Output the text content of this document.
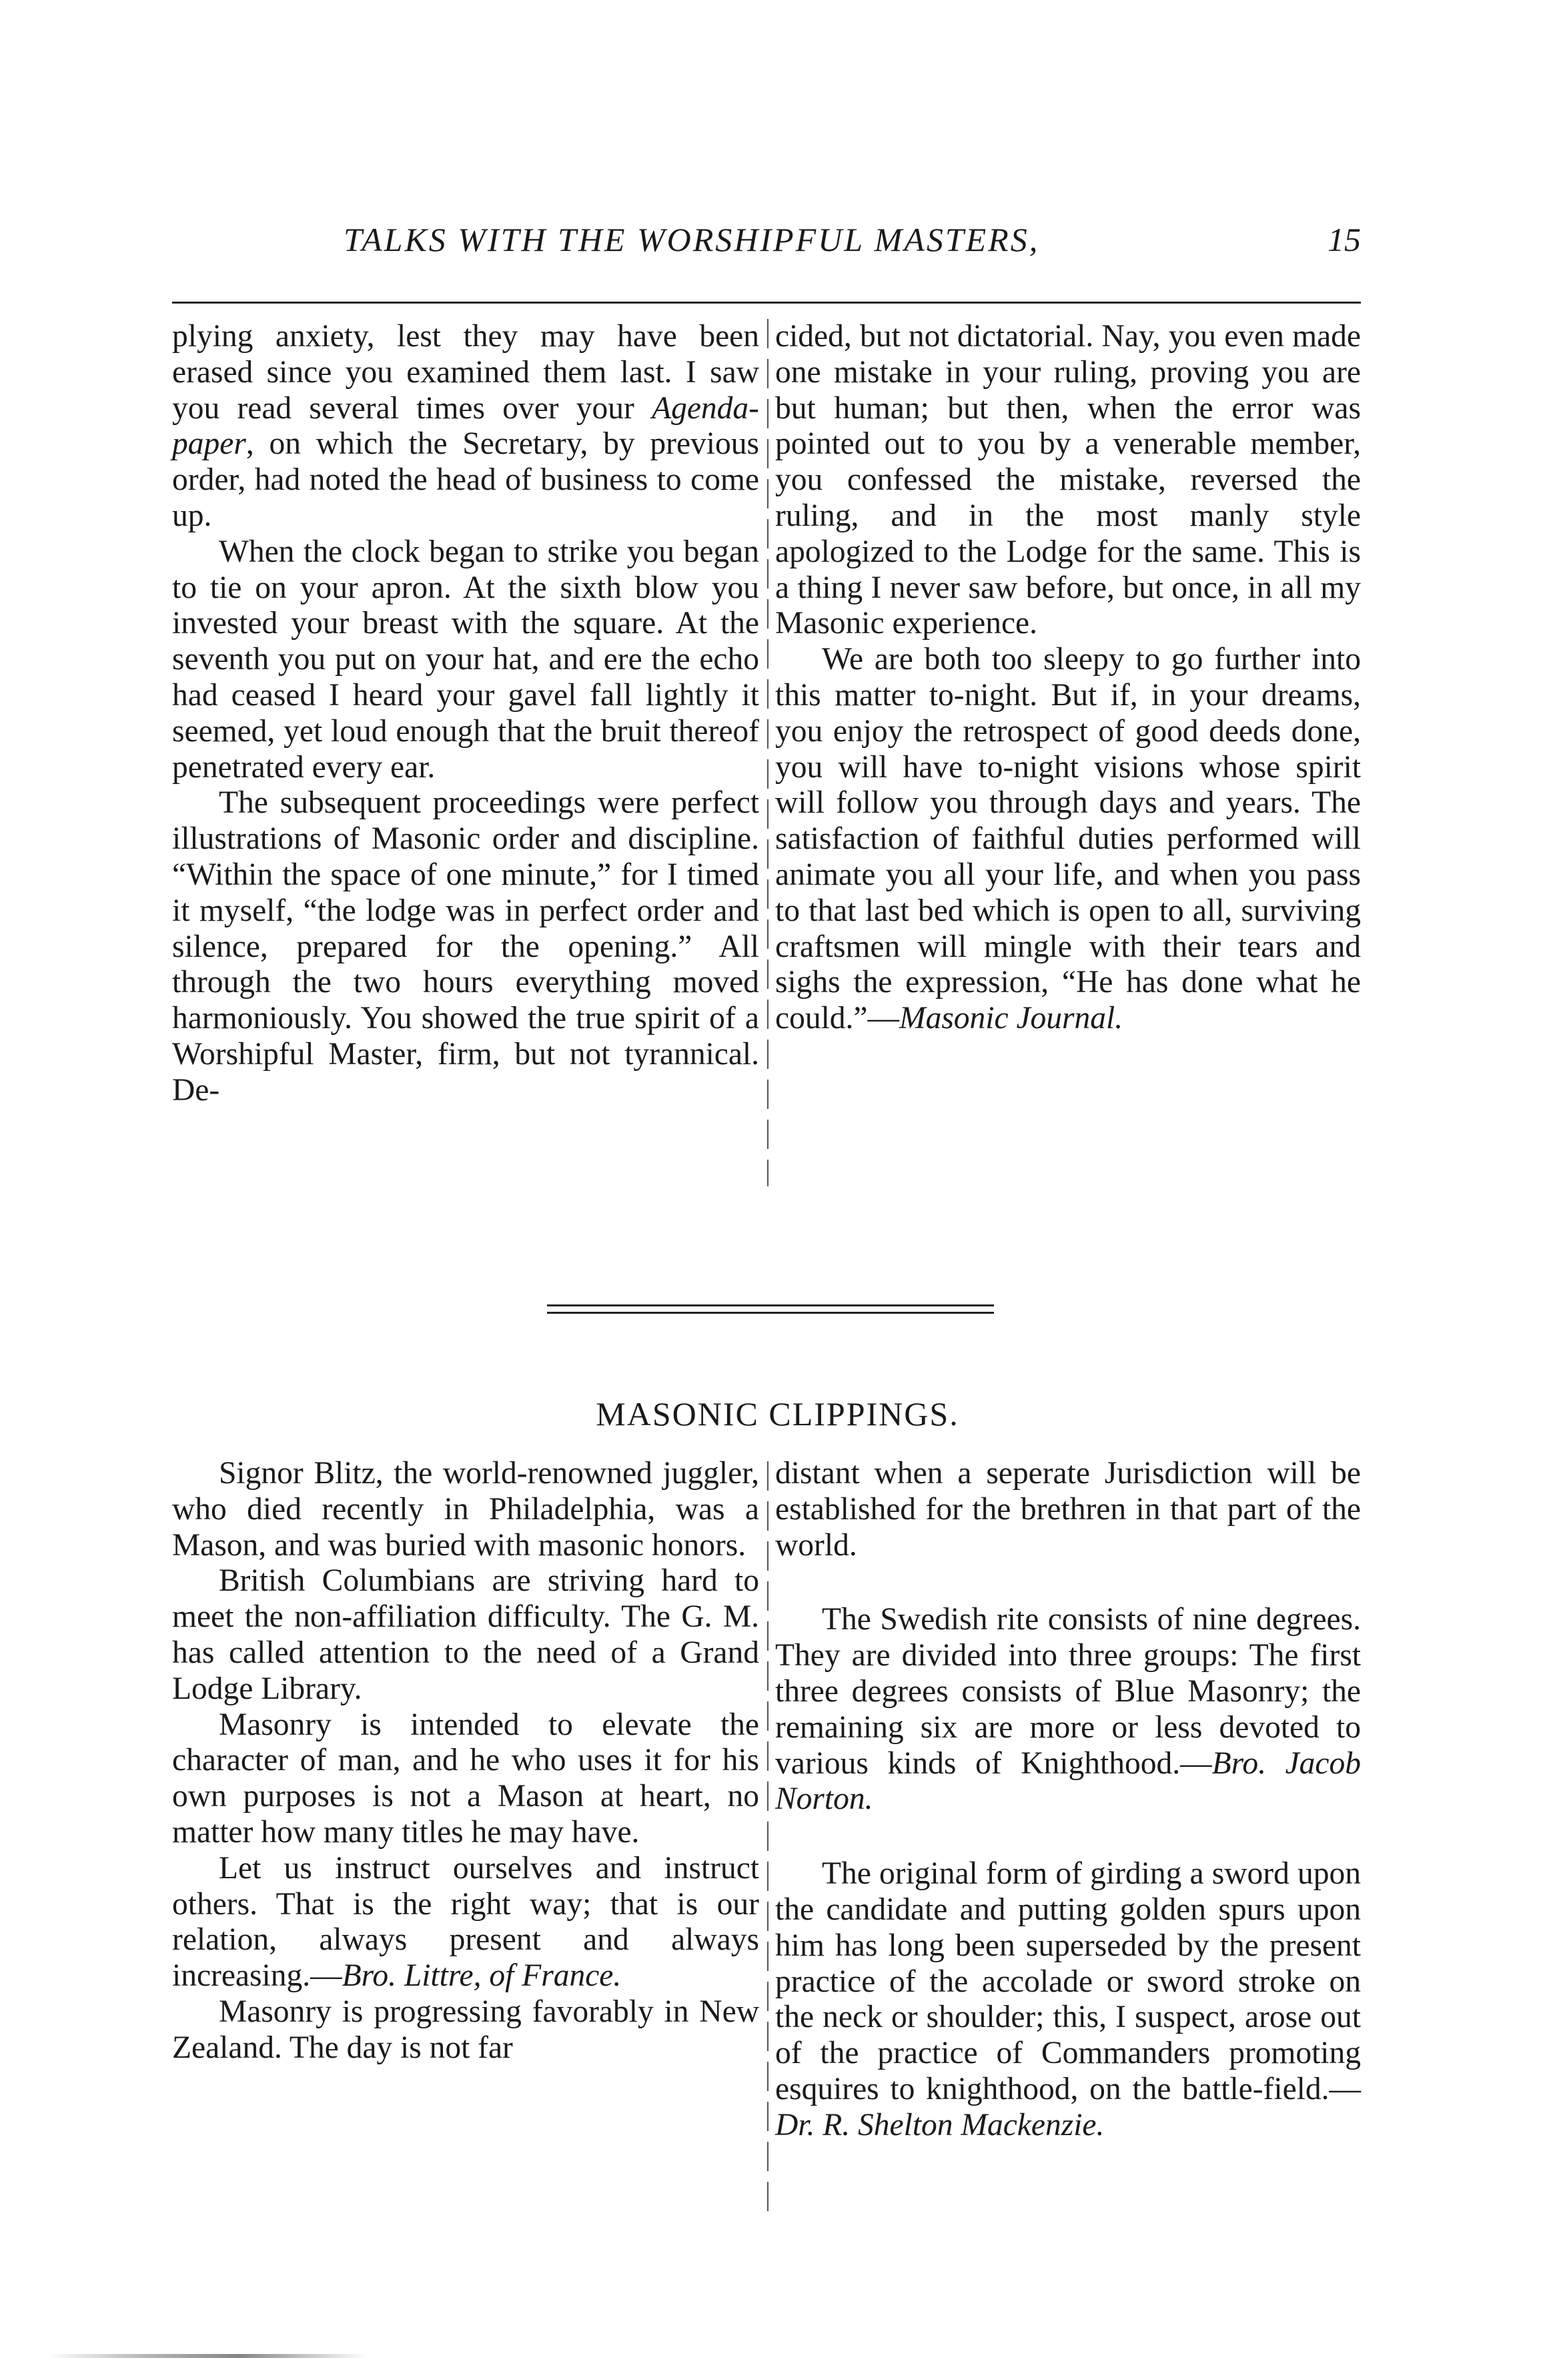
TALKS WITH THE WORSHIPFUL MASTERS,	15

plying anxiety, lest they may have been erased since you examined them last. I saw you read several times over your Agenda-paper, on which the Secretary, by previous order, had noted the head of business to come up.

When the clock began to strike you began to tie on your apron. At the sixth blow you invested your breast with the square. At the seventh you put on your hat, and ere the echo had ceased I heard your gavel fall lightly it seemed, yet loud enough that the bruit thereof penetrated every ear.

The subsequent proceedings were perfect illustrations of Masonic order and discipline. “Within the space of one minute,” for I timed it myself, “the lodge was in perfect order and silence, prepared for the opening.” All through the two hours everything moved harmoniously. You showed the true spirit of a Worshipful Master, firm, but not tyrannical. De-

cided, but not dictatorial. Nay, you even made one mistake in your ruling, proving you are but human; but then, when the error was pointed out to you by a venerable member, you confessed the mistake, reversed the ruling, and in the most manly style apologized to the Lodge for the same. This is a thing I never saw before, but once, in all my Masonic experience.

We are both too sleepy to go further into this matter to-night. But if, in your dreams, you enjoy the retrospect of good deeds done, you will have to-night visions whose spirit will follow you through days and years. The satisfaction of faithful duties performed will animate you all your life, and when you pass to that last bed which is open to all, surviving craftsmen will mingle with their tears and sighs the expression, “He has done what he could.”—Masonic Journal.

MASONIC CLIPPINGS.

Signor Blitz, the world-renowned juggler, who died recently in Philadelphia, was a Mason, and was buried with masonic honors.

British Columbians are striving hard to meet the non-affiliation difficulty. The G. M. has called attention to the need of a Grand Lodge Library.

Masonry is intended to elevate the character of man, and he who uses it for his own purposes is not a Mason at heart, no matter how many titles he may have.

Let us instruct ourselves and instruct others. That is the right way; that is our relation, always present and always increasing.—Bro. Littre, of France.

Masonry is progressing favorably in New Zealand. The day is not far

distant when a seperate Jurisdiction will be established for the brethren in that part of the world.

The Swedish rite consists of nine degrees. They are divided into three groups: The first three degrees consists of Blue Masonry; the remaining six are more or less devoted to various kinds of Knighthood.—Bro. Jacob Norton.

The original form of girding a sword upon the candidate and putting golden spurs upon him has long been superseded by the present practice of the accolade or sword stroke on the neck or shoulder; this, I suspect, arose out of the practice of Commanders promoting esquires to knighthood, on the battle-field.—Dr. R. Shelton Mackenzie.
